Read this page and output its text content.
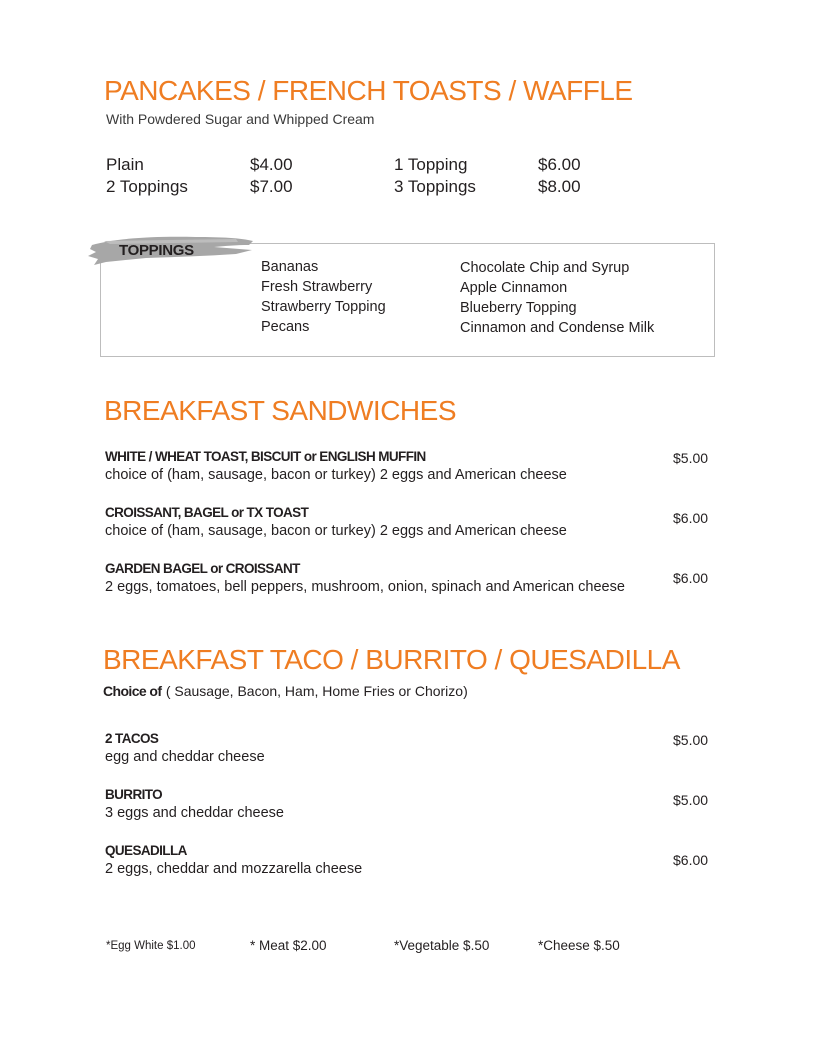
PANCAKES / FRENCH TOASTS / WAFFLE
With Powdered Sugar and Whipped Cream
Plain	$4.00	1 Topping	$6.00
2 Toppings	$7.00	3 Toppings	$8.00
TOPPINGS
Bananas
Fresh Strawberry
Strawberry Topping
Pecans
Chocolate Chip and Syrup
Apple Cinnamon
Blueberry Topping
Cinnamon and Condense Milk
BREAKFAST SANDWICHES
WHITE / WHEAT TOAST, BISCUIT or ENGLISH MUFFIN
choice of (ham, sausage, bacon or turkey) 2 eggs and American cheese
$5.00
CROISSANT, BAGEL or TX TOAST
choice of (ham, sausage, bacon or turkey) 2 eggs and American cheese
$6.00
GARDEN BAGEL or CROISSANT
2 eggs, tomatoes, bell peppers, mushroom, onion, spinach and American cheese
$6.00
BREAKFAST TACO / BURRITO / QUESADILLA
Choice of ( Sausage, Bacon, Ham, Home Fries or Chorizo)
2 TACOS
egg and cheddar cheese
$5.00
BURRITO
3 eggs and cheddar cheese
$5.00
QUESADILLA
2 eggs, cheddar and mozzarella cheese
$6.00
*Egg White $1.00	* Meat $2.00	*Vegetable $.50	*Cheese $.50
